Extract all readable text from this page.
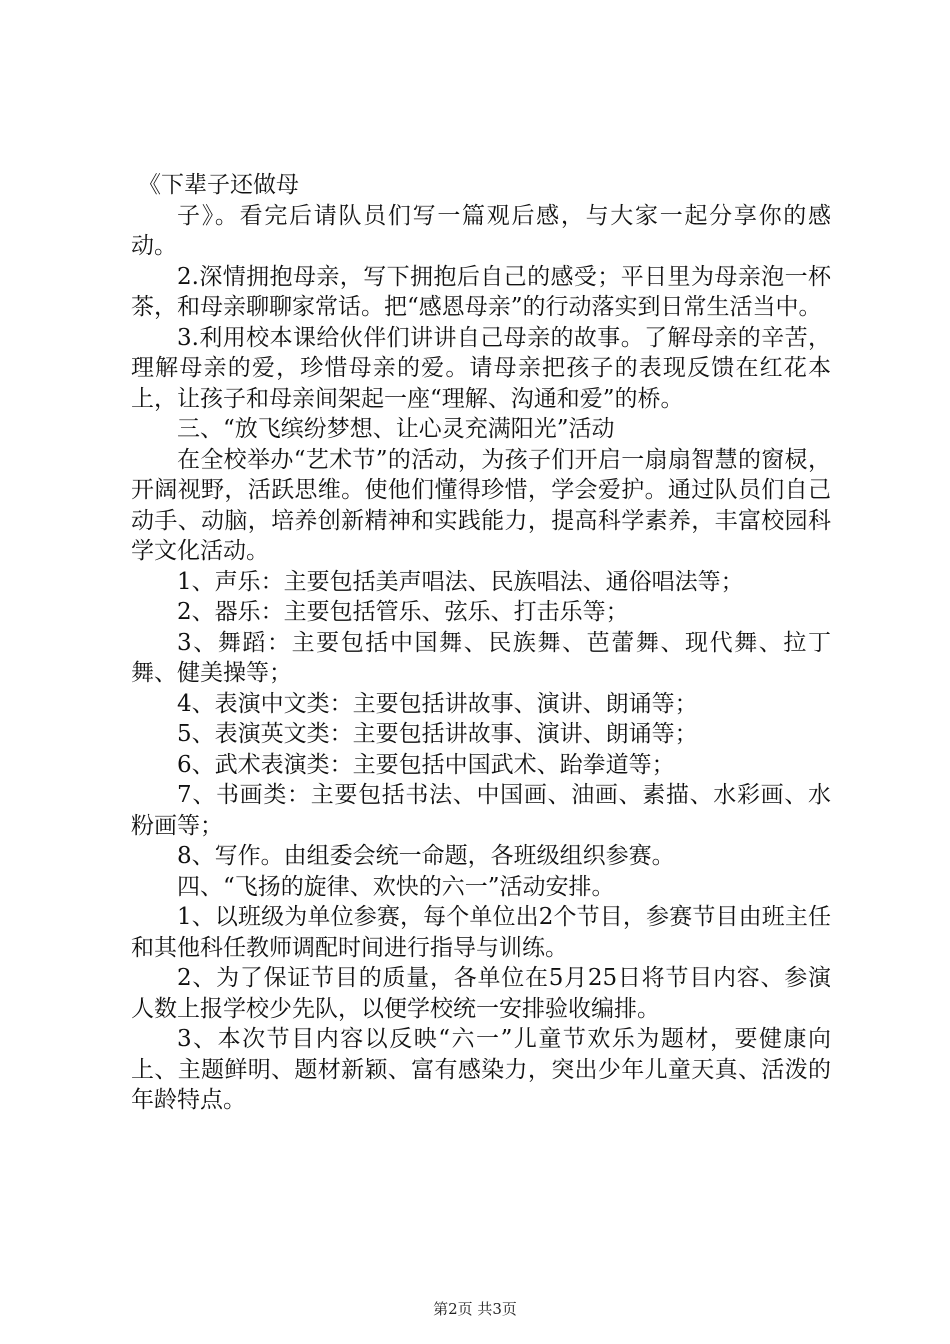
《下辈子还做母

子》。看完后请队员们写一篇观后感，与大家一起分享你的感动。

2.深情拥抱母亲，写下拥抱后自己的感受；平日里为母亲泡一杯茶，和母亲聊聊家常话。把“感恩母亲”的行动落实到日常生活当中。

3.利用校本课给伙伴们讲讲自己母亲的故事。了解母亲的辛苦，理解母亲的爱，珍惜母亲的爱。请母亲把孩子的表现反馈在红花本上，让孩子和母亲间架起一座“理解、沟通和爱”的桥。

三、“放飞缤纷梦想、让心灵充满阳光”活动

在全校举办“艺术节”的活动，为孩子们开启一扇扇智慧的窗棂，开阔视野，活跃思维。使他们懂得珍惜，学会爱护。通过队员们自己动手、动脑，培养创新精神和实践能力，提高科学素养，丰富校园科学文化活动。

1、声乐：主要包括美声唱法、民族唱法、通俗唱法等；

2、器乐：主要包括管乐、弦乐、打击乐等；

3、舞蹈：主要包括中国舞、民族舞、芭蕾舞、现代舞、拉丁舞、健美操等；

4、表演中文类：主要包括讲故事、演讲、朗诵等；

5、表演英文类：主要包括讲故事、演讲、朗诵等；

6、武术表演类：主要包括中国武术、跆拳道等；

7、书画类：主要包括书法、中国画、油画、素描、水彩画、水粉画等；

8、写作。由组委会统一命题，各班级组织参赛。

四、“飞扬的旋律、欢快的六一”活动安排。

1、以班级为单位参赛，每个单位出2个节目，参赛节目由班主任和其他科任教师调配时间进行指导与训练。

2、为了保证节目的质量，各单位在5月25日将节目内容、参演人数上报学校少先队，以便学校统一安排验收编排。

3、本次节目内容以反映“六一”儿童节欢乐为题材，要健康向上、主题鲜明、题材新颖、富有感染力，突出少年儿童天真、活泼的年龄特点。

第2页 共3页
